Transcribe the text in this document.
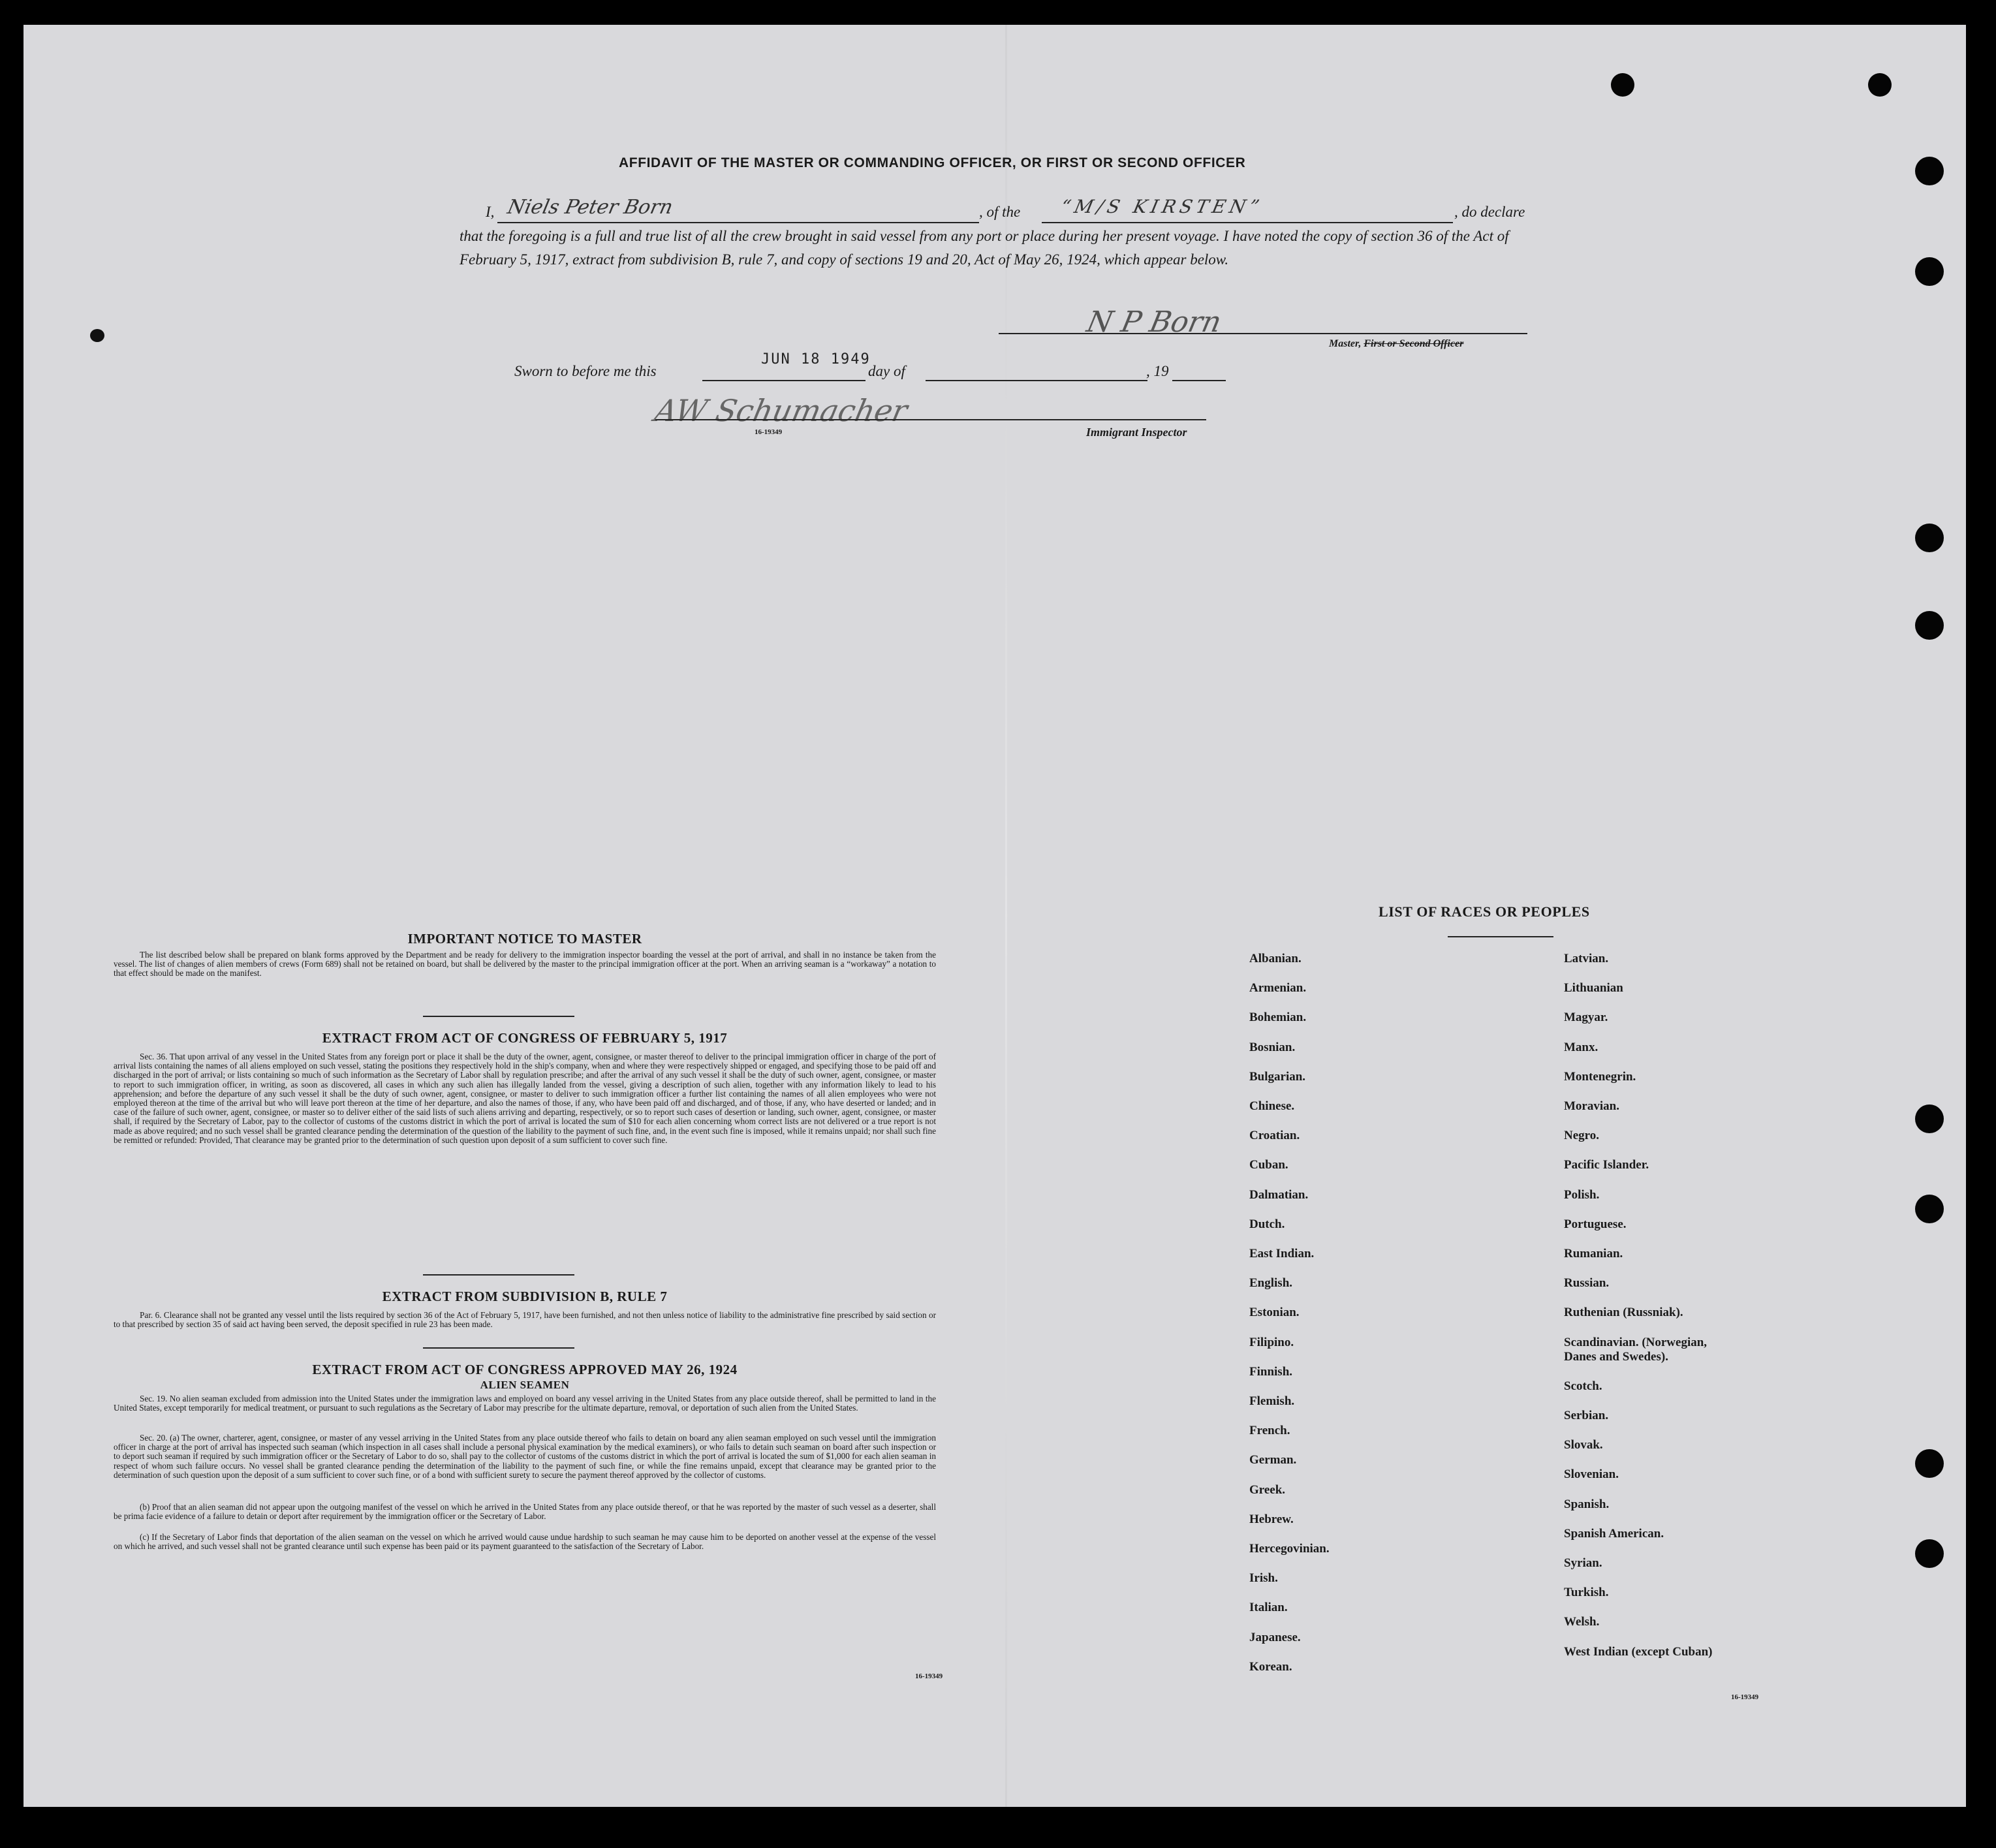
AFFIDAVIT OF THE MASTER OR COMMANDING OFFICER, OR FIRST OR SECOND OFFICER
I, Niels Peter Born	, of the “M/S KIRSTEN”	, do declare
that the foregoing is a full and true list of all the crew brought in said vessel from any port or place during her present voyage. I have noted the copy of section 36 of the Act of February 5, 1917, extract from subdivision B, rule 7, and copy of sections 19 and 20, Act of May 26, 1924, which appear below.
N P Born
Master, First or Second Officer
Sworn to before me this
JUN 18 1949
day of	, 19
AW Schumacher
16-19349	Immigrant Inspector
IMPORTANT NOTICE TO MASTER
The list described below shall be prepared on blank forms approved by the Department and be ready for delivery to the immigration inspector boarding the vessel at the port of arrival, and shall in no instance be taken from the vessel. The list of changes of alien members of crews (Form 689) shall not be retained on board, but shall be delivered by the master to the principal immigration officer at the port. When an arriving seaman is a “workaway” a notation to that effect should be made on the manifest.
EXTRACT FROM ACT OF CONGRESS OF FEBRUARY 5, 1917
Sec. 36. That upon arrival of any vessel in the United States from any foreign port or place it shall be the duty of the owner, agent, consignee, or master thereof to deliver to the principal immigration officer in charge of the port of arrival lists containing the names of all aliens employed on such vessel, stating the positions they respectively hold in the ship's company, when and where they were respectively shipped or engaged, and specifying those to be paid off and discharged in the port of arrival; or lists containing so much of such information as the Secretary of Labor shall by regulation prescribe; and after the arrival of any such vessel it shall be the duty of such owner, agent, consignee, or master to report to such immigration officer, in writing, as soon as discovered, all cases in which any such alien has illegally landed from the vessel, giving a description of such alien, together with any information likely to lead to his apprehension; and before the departure of any such vessel it shall be the duty of such owner, agent, consignee, or master to deliver to such immigration officer a further list containing the names of all alien employees who were not employed thereon at the time of the arrival but who will leave port thereon at the time of her departure, and also the names of those, if any, who have been paid off and discharged, and of those, if any, who have deserted or landed; and in case of the failure of such owner, agent, consignee, or master so to deliver either of the said lists of such aliens arriving and departing, respectively, or so to report such cases of desertion or landing, such owner, agent, consignee, or master shall, if required by the Secretary of Labor, pay to the collector of customs of the customs district in which the port of arrival is located the sum of $10 for each alien concerning whom correct lists are not delivered or a true report is not made as above required; and no such vessel shall be granted clearance pending the determination of the question of the liability to the payment of such fine, and, in the event such fine is imposed, while it remains unpaid; nor shall such fine be remitted or refunded: Provided, That clearance may be granted prior to the determination of such question upon deposit of a sum sufficient to cover such fine.
EXTRACT FROM SUBDIVISION B, RULE 7
Par. 6. Clearance shall not be granted any vessel until the lists required by section 36 of the Act of February 5, 1917, have been furnished, and not then unless notice of liability to the administrative fine prescribed by said section or to that prescribed by section 35 of said act having been served, the deposit specified in rule 23 has been made.
EXTRACT FROM ACT OF CONGRESS APPROVED MAY 26, 1924
ALIEN SEAMEN
Sec. 19. No alien seaman excluded from admission into the United States under the immigration laws and employed on board any vessel arriving in the United States from any place outside thereof, shall be permitted to land in the United States, except temporarily for medical treatment, or pursuant to such regulations as the Secretary of Labor may prescribe for the ultimate departure, removal, or deportation of such alien from the United States.
Sec. 20. (a) The owner, charterer, agent, consignee, or master of any vessel arriving in the United States from any place outside thereof who fails to detain on board any alien seaman employed on such vessel until the immigration officer in charge at the port of arrival has inspected such seaman (which inspection in all cases shall include a personal physical examination by the medical examiners), or who fails to detain such seaman on board after such inspection or to deport such seaman if required by such immigration officer or the Secretary of Labor to do so, shall pay to the collector of customs of the customs district in which the port of arrival is located the sum of $1,000 for each alien seaman in respect of whom such failure occurs. No vessel shall be granted clearance pending the determination of the liability to the payment of such fine, or while the fine remains unpaid, except that clearance may be granted prior to the determination of such question upon the deposit of a sum sufficient to cover such fine, or of a bond with sufficient surety to secure the payment thereof approved by the collector of customs.
(b) Proof that an alien seaman did not appear upon the outgoing manifest of the vessel on which he arrived in the United States from any place outside thereof, or that he was reported by the master of such vessel as a deserter, shall be prima facie evidence of a failure to detain or deport after requirement by the immigration officer or the Secretary of Labor.
(c) If the Secretary of Labor finds that deportation of the alien seaman on the vessel on which he arrived would cause undue hardship to such seaman he may cause him to be deported on another vessel at the expense of the vessel on which he arrived, and such vessel shall not be granted clearance until such expense has been paid or its payment guaranteed to the satisfaction of the Secretary of Labor.
16-19349
LIST OF RACES OR PEOPLES
Albanian.
Armenian.
Bohemian.
Bosnian.
Bulgarian.
Chinese.
Croatian.
Cuban.
Dalmatian.
Dutch.
East Indian.
English.
Estonian.
Filipino.
Finnish.
Flemish.
French.
German.
Greek.
Hebrew.
Hercegovinian.
Irish.
Italian.
Japanese.
Korean.
Latvian.
Lithuanian
Magyar.
Manx.
Montenegrin.
Moravian.
Negro.
Pacific Islander.
Polish.
Portuguese.
Rumanian.
Russian.
Ruthenian (Russniak).
Scandinavian. (Norwegian,
Danes and Swedes).
Scotch.
Serbian.
Slovak.
Slovenian.
Spanish.
Spanish American.
Syrian.
Turkish.
Welsh.
West Indian (except Cuban)
16-19349
